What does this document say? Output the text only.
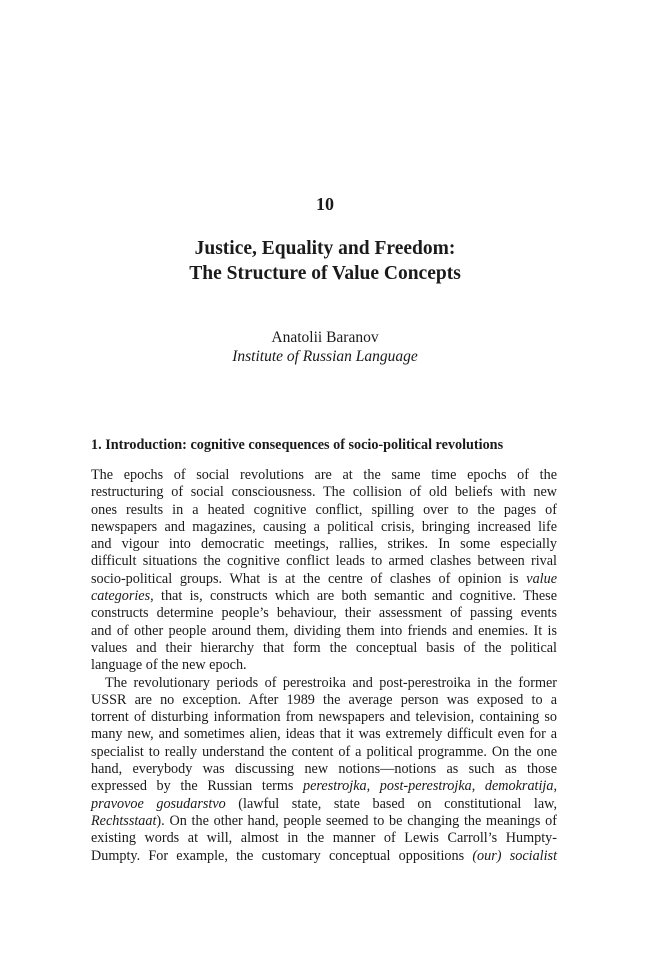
10
Justice, Equality and Freedom:
The Structure of Value Concepts
Anatolii Baranov
Institute of Russian Language
1. Introduction: cognitive consequences of socio-political revolutions
The epochs of social revolutions are at the same time epochs of the
restructuring of social consciousness. The collision of old beliefs with new
ones results in a heated cognitive conflict, spilling over to the pages of
newspapers and magazines, causing a political crisis, bringing increased life
and vigour into democratic meetings, rallies, strikes. In some especially
difficult situations the cognitive conflict leads to armed clashes between rival
socio-political groups. What is at the centre of clashes of opinion is value
categories, that is, constructs which are both semantic and cognitive. These
constructs determine people’s behaviour, their assessment of passing events
and of other people around them, dividing them into friends and enemies. It is
values and their hierarchy that form the conceptual basis of the political
language of the new epoch.
The revolutionary periods of perestroika and post-perestroika in the former
USSR are no exception. After 1989 the average person was exposed to a
torrent of disturbing information from newspapers and television, containing so
many new, and sometimes alien, ideas that it was extremely difficult even for a
specialist to really understand the content of a political programme. On the one
hand, everybody was discussing new notions—notions as such as those
expressed by the Russian terms perestrojka, post-perestrojka, demokratija,
pravovoe gosudarstvo (lawful state, state based on constitutional law,
Rechtsstaat). On the other hand, people seemed to be changing the meanings of
existing words at will, almost in the manner of Lewis Carroll’s Humpty-
Dumpty. For example, the customary conceptual oppositions (our) socialist
